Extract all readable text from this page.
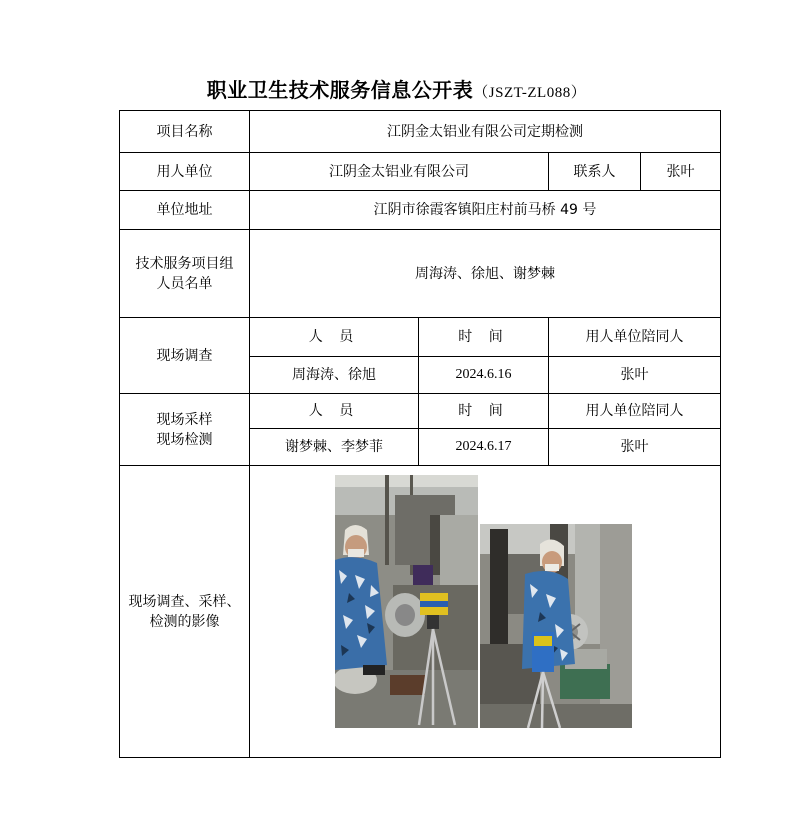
职业卫生技术服务信息公开表（JSZT-ZL088）
项目名称	江阴金太铝业有限公司定期检测			
用人单位	江阴金太铝业有限公司		联系人	张叶
单位地址	江阴市徐霞客镇阳庄村前马桥 49 号			

技术服务项目组
人员名单	周海涛、徐旭、谢梦棘			
现场调查	人 员	时 间	用人单位陪同人	
	周海涛、徐旭	2024.6.16	张叶	

现场采样
现场检测	人 员	时 间	用人单位陪同人	
	谢梦棘、李梦菲	2024.6.17	张叶	

现场调查、采样、
检测的影像
